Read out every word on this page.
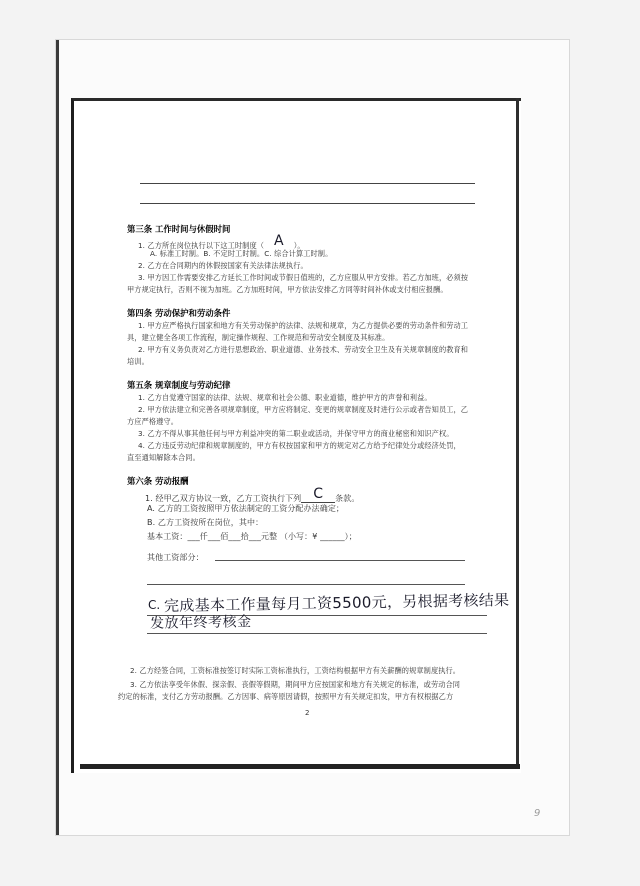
第三条 工作时间与休假时间
1. 乙方所在岗位执行以下这工时制度（ A ）。
A. 标准工时制。B. 不定时工时制。C. 综合计算工时制。
2. 乙方在合同期内的休假按国家有关法律法规执行。
3. 甲方因工作需要安排乙方延长工作时间或节假日值班的，乙方应服从甲方安排。若乙方加班，必须按
甲方规定执行，否则不视为加班。乙方加班时间，甲方依法安排乙方同等时间补休或支付相应报酬。
第四条 劳动保护和劳动条件
1. 甲方应严格执行国家和地方有关劳动保护的法律、法规和规章，为乙方提供必要的劳动条件和劳动工
具，建立健全各项工作流程，制定操作规程、工作规范和劳动安全制度及其标准。
2. 甲方有义务负责对乙方进行思想政治、职业道德、业务技术、劳动安全卫生及有关规章制度的教育和
培训。
第五条 规章制度与劳动纪律
1. 乙方自觉遵守国家的法律、法规、规章和社会公德、职业道德，维护甲方的声誉和利益。
2. 甲方依法建立和完善各项规章制度，甲方应将制定、变更的规章制度及时进行公示或者告知员工，乙
方应严格遵守。
3. 乙方不得从事其他任何与甲方利益冲突的第二职业或活动，并保守甲方的商业秘密和知识产权。
4. 乙方违反劳动纪律和规章制度的，甲方有权按国家和甲方的规定对乙方给予纪律处分或经济处罚，
直至通知解除本合同。
第六条 劳动报酬
1. 经甲乙双方协议一致，乙方工资执行下列 C 条款。
A. 乙方的工资按照甲方依法制定的工资分配办法确定；
B. 乙方工资按所在岗位，其中：
基本工资：___仟___佰___拾___元整 （小写：¥ ______）；
其他工资部分：
C. 完成基本工作量每月工资5500元，另根据考核结果
发放年终考核金
2. 乙方经签合同，工资标准按签订时实际工资标准执行，工资结构根据甲方有关薪酬的规章制度执行。
3. 乙方依法享受年休假、探亲假、丧假等假期，期间甲方应按国家和地方有关规定的标准，或劳动合同
约定的标准，支付乙方劳动报酬。乙方因事、病等原因请假，按照甲方有关规定扣发，甲方有权根据乙方
2
9
